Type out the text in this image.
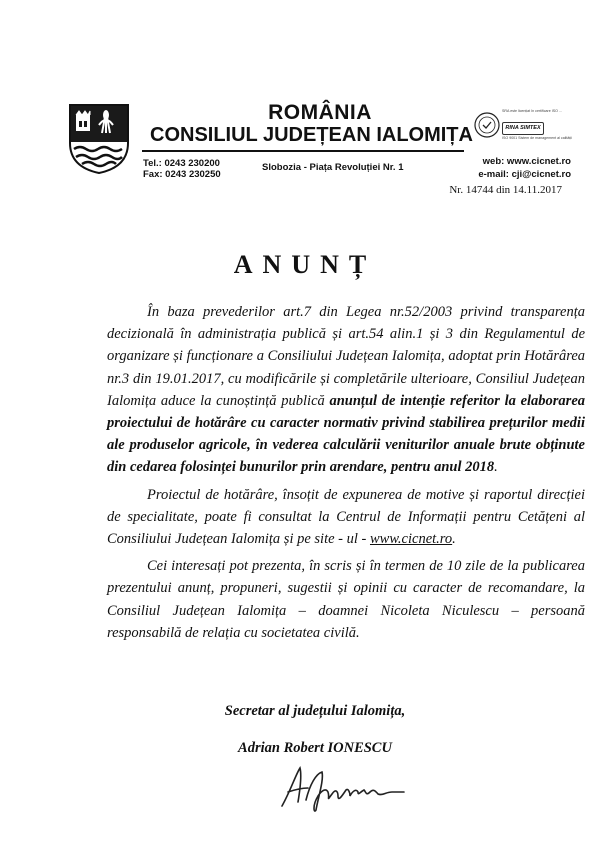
ROMÂNIA
CONSILIUL JUDEȚEAN IALOMIȚA
SRA este licențiat în certificare ISO ...
RINA SIMTEX
ISO 9001 Sistem de management al calității
Tel.: 0243 230200
Fax: 0243 230250
Slobozia - Piața Revoluției Nr. 1
web: www.cicnet.ro
e-mail: cji@cicnet.ro
Nr. 14744 din 14.11.2017
ANUNȚ

În baza prevederilor art.7 din Legea nr.52/2003 privind transparența decizională în administrația publică și art.54 alin.1 și 3 din Regulamentul de organizare și funcționare a Consiliului Județean Ialomița, adoptat prin Hotărârea nr.3 din 19.01.2017, cu modificările și completările ulterioare, Consiliul Județean Ialomița aduce la cunoștință publică anunțul de intenție referitor la elaborarea proiectului de hotărâre cu caracter normativ privind stabilirea prețurilor medii ale produselor agricole, în vederea calculării veniturilor anuale brute obținute din cedarea folosinței bunurilor prin arendare, pentru anul 2018.

Proiectul de hotărâre, însoțit de expunerea de motive și raportul direcției de specialitate, poate fi consultat la Centrul de Informații pentru Cetățeni al Consiliului Județean Ialomița și pe site - ul - www.cicnet.ro.

Cei interesați pot prezenta, în scris și în termen de 10 zile de la publicarea prezentului anunț, propuneri, sugestii și opinii cu caracter de recomandare, la Consiliul Județean Ialomița – doamnei Nicoleta Niculescu – persoană responsabilă de relația cu societatea civilă.

Secretar al județului Ialomița,
Adrian Robert IONESCU
